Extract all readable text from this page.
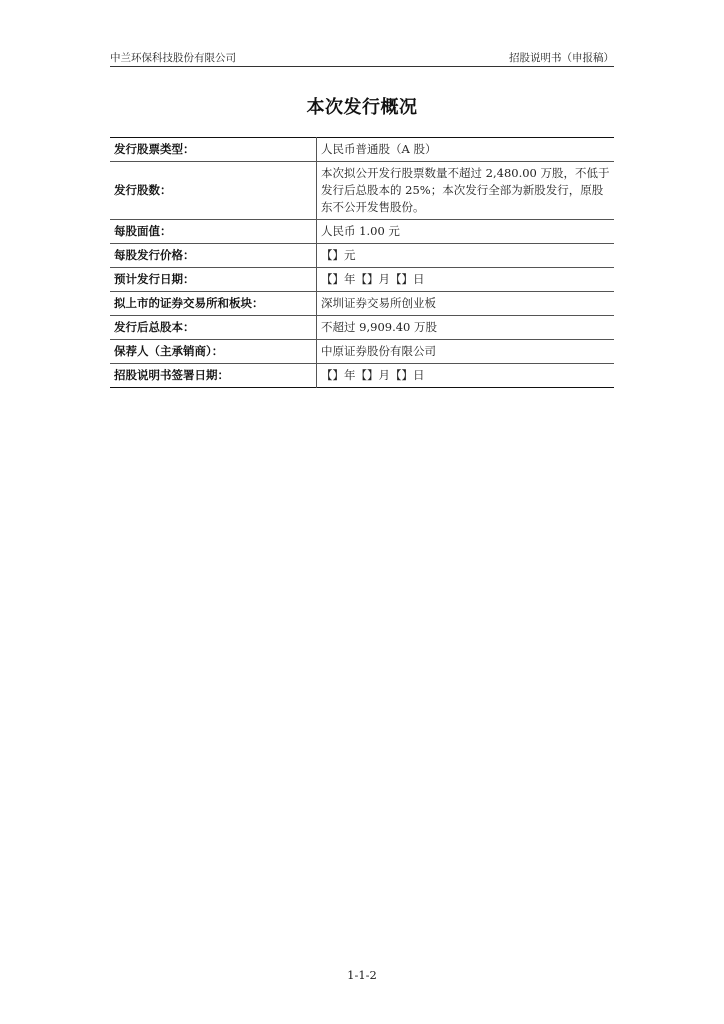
中兰环保科技股份有限公司	招股说明书（申报稿）
本次发行概况
发行股票类型：	人民币普通股（A 股）
发行股数：	本次拟公开发行股票数量不超过 2,480.00 万股，不低于发行后总股本的 25%；本次发行全部为新股发行，原股东不公开发售股份。
每股面值：	人民币 1.00 元
每股发行价格：	【】元
预计发行日期：	【】年【】月【】日
拟上市的证券交易所和板块：	深圳证券交易所创业板
发行后总股本：	不超过 9,909.40 万股
保荐人（主承销商）：	中原证券股份有限公司
招股说明书签署日期：	【】年【】月【】日
1-1-2
